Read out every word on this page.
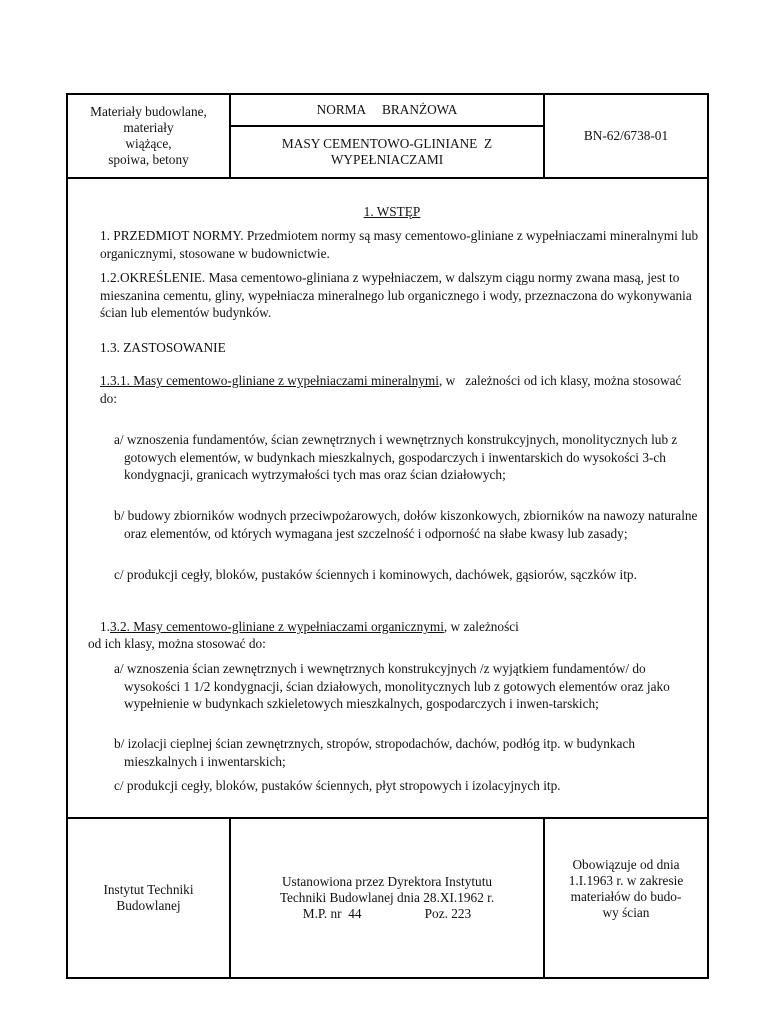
Materiały budowlane,
materiały
wiążące,
spoiwa, betony
NORMA     BRANŻOWA
MASY CEMENTOWO-GLINIANE  Z
WYPEŁNIACZAMI
BN-62/6738-01
1. WSTĘP
1. PRZEDMIOT NORMY. Przedmiotem normy są masy cementowo-gliniane z wypełniaczami mineralnymi lub organicznymi, stosowane w budownictwie.
1.2.OKREŚLENIE. Masa cementowo-gliniana z wypełniaczem, w dalszym ciągu normy zwana masą, jest to mieszanina cementu, gliny, wypełniacza mineralnego lub organicznego i wody, przeznaczona do wykonywania ścian lub elementów budynków.
1.3. ZASTOSOWANIE
1.3.1. Masy cementowo-gliniane z wypełniaczami mineralnymi, w   zależności od ich klasy, można stosować do:
a/ wznoszenia fundamentów, ścian zewnętrznych i wewnętrznych konstrukcyjnych, monolitycznych lub z gotowych elementów, w budynkach mieszkalnych, gospodarczych i inwentarskich do wysokości 3-ch kondygnacji, granicach wytrzymałości tych mas oraz ścian działowych;
b/ budowy zbiorników wodnych przeciwpożarowych, dołów kiszonkowych, zbiorników na nawozy naturalne oraz elementów, od których wymagana jest szczelność i odporność na słabe kwasy lub zasady;
c/ produkcji cegły, bloków, pustaków ściennych i kominowych, dachówek, gąsiorów, sączków itp.
1.3.2. Masy cementowo-gliniane z wypełniaczami organicznymi, w zależności
od ich klasy, można stosować do:
a/ wznoszenia ścian zewnętrznych i wewnętrznych konstrukcyjnych /z wyjątkiem fundamentów/ do wysokości 1 1/2 kondygnacji, ścian działowych, monolitycznych lub z gotowych elementów oraz jako wypełnienie w budynkach szkieletowych mieszkalnych, gospodarczych i inwen-tarskich;
b/ izolacji cieplnej ścian zewnętrznych, stropów, stropodachów, dachów, podłóg itp. w budynkach mieszkalnych i inwentarskich;
c/ produkcji cegły, bloków, pustaków ściennych, płyt stropowych i izolacyjnych itp.
Instytut Techniki
Budowlanej
Ustanowiona przez Dyrektora Instytutu
Techniki Budowlanej dnia 28.XI.1962 r.
M.P. nr  44                   Poz. 223
Obowiązuje od dnia
1.I.1963 r. w zakresie
materiałów do budo-
wy ścian
